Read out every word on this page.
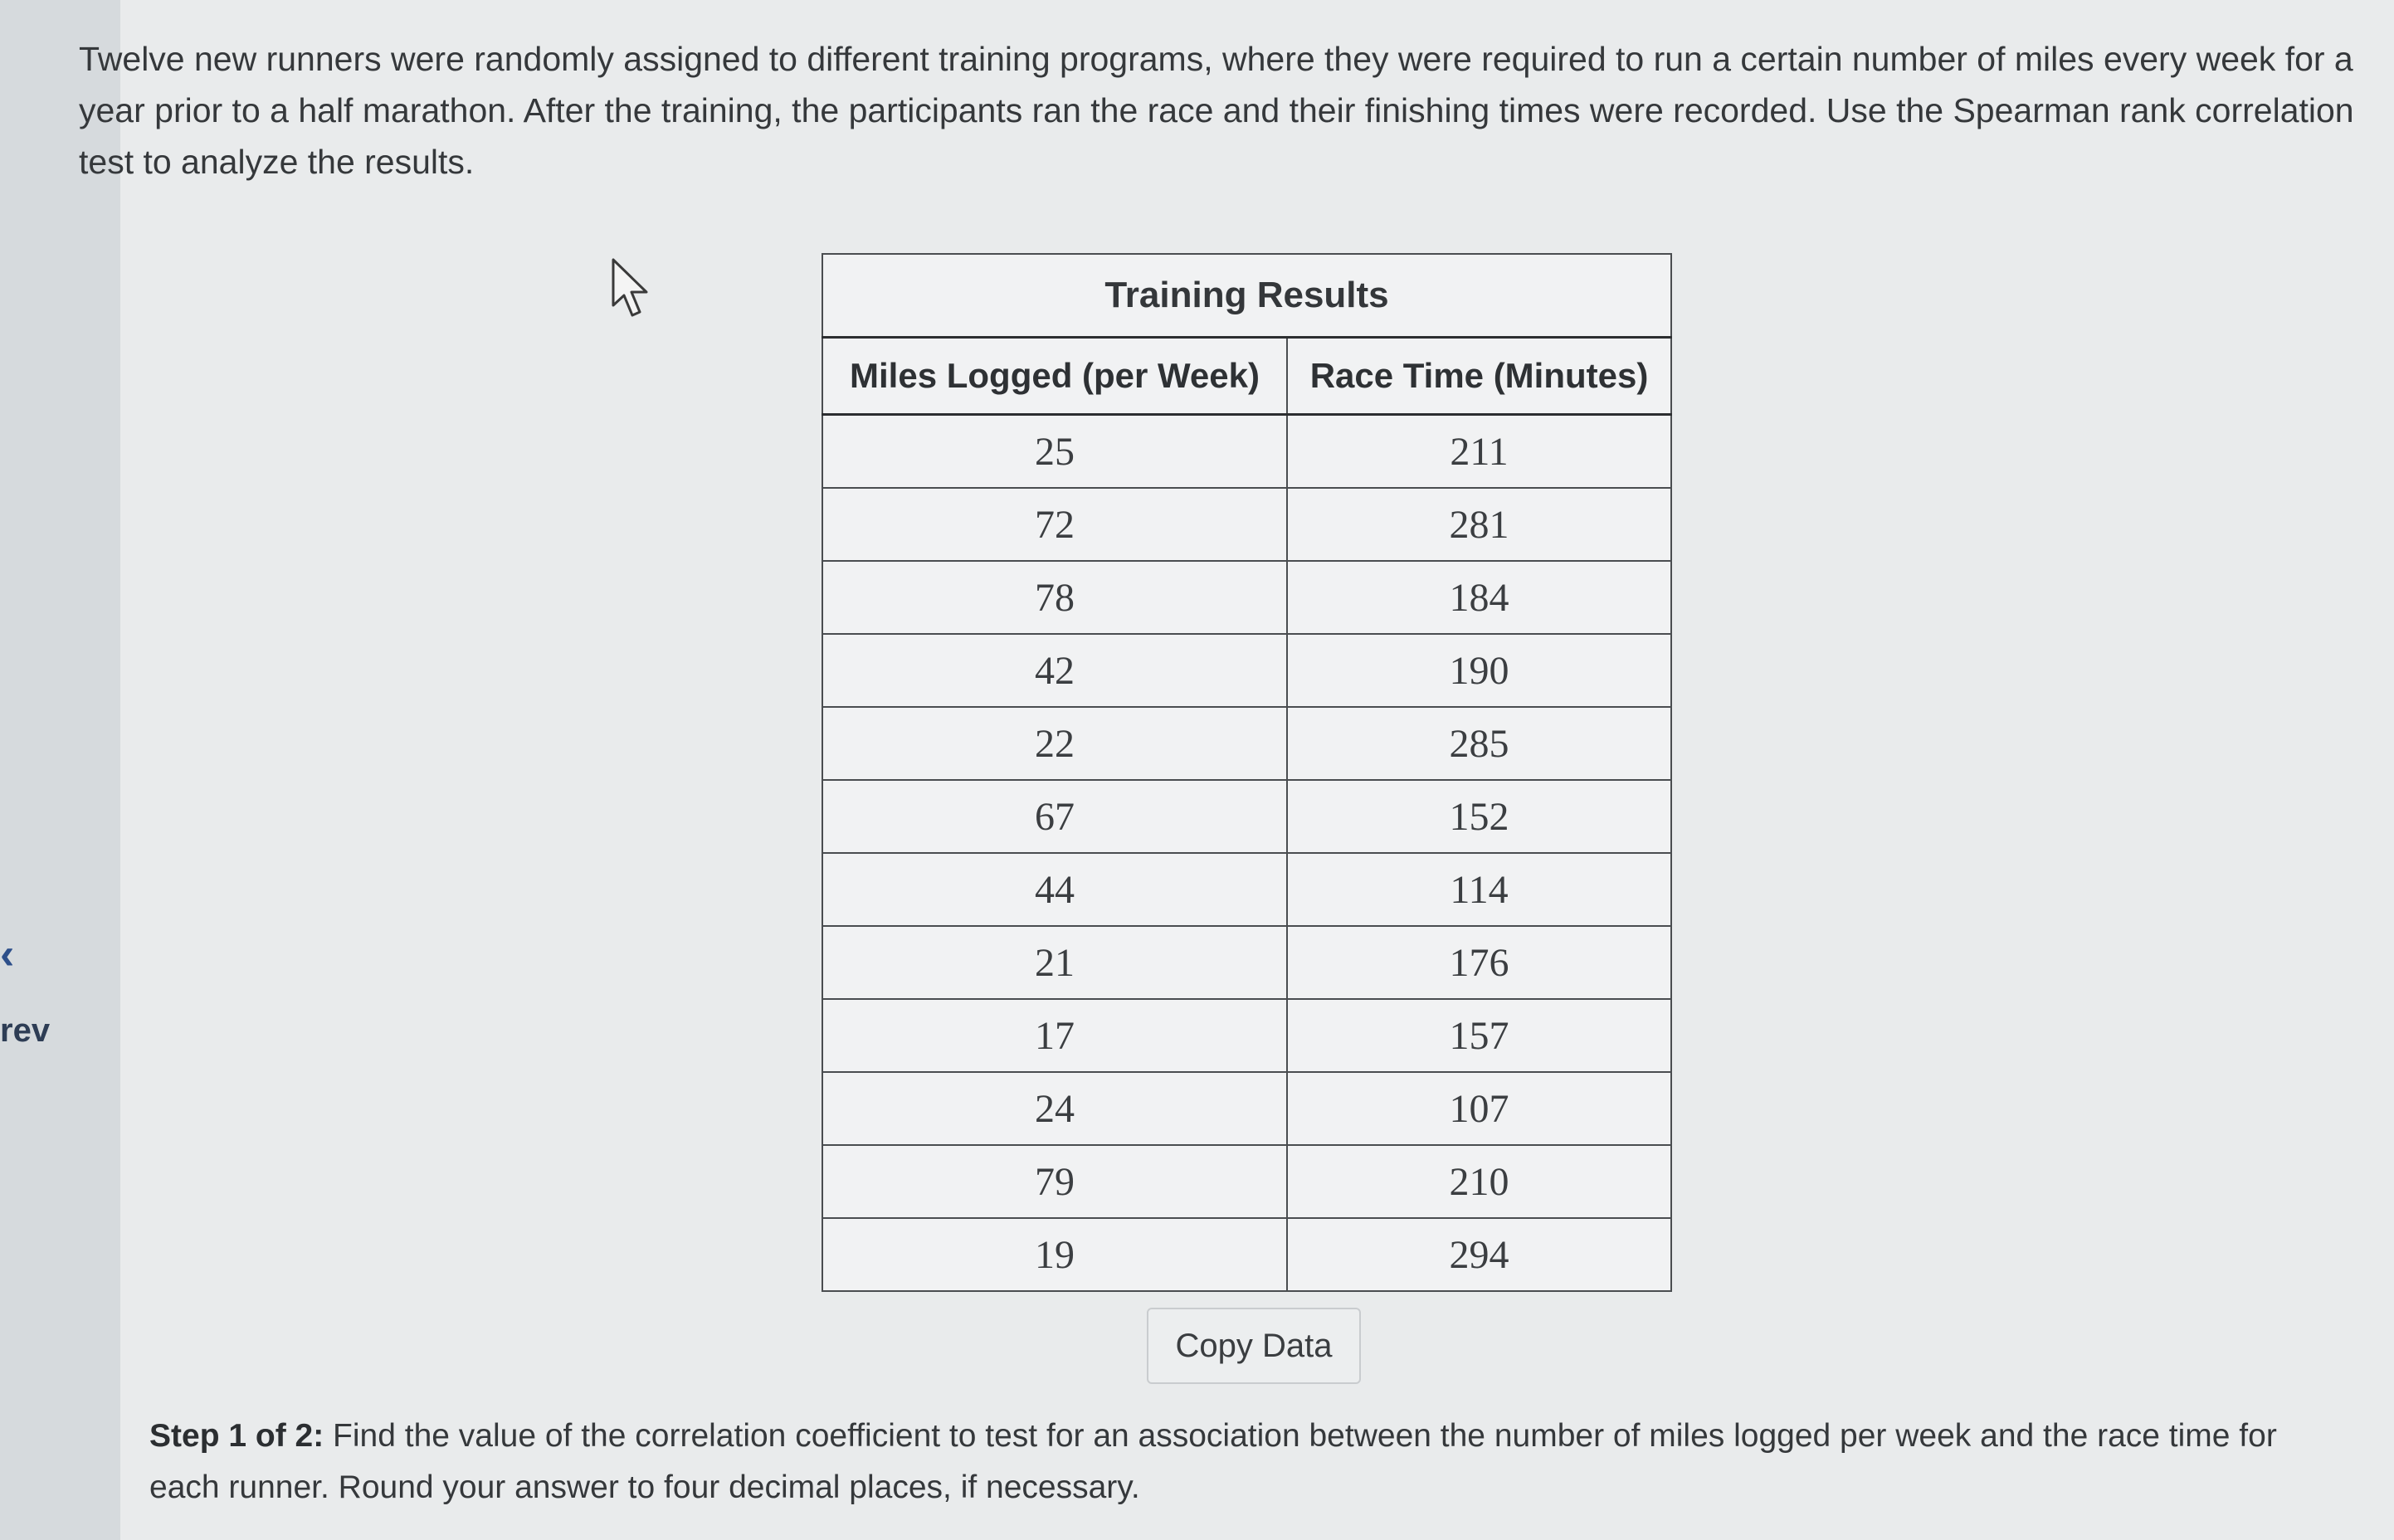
‹
rev
Twelve new runners were randomly assigned to different training programs, where they were required to run a certain number of miles every week for a year prior to a half marathon. After the training, the participants ran the race and their finishing times were recorded. Use the Spearman rank correlation test to analyze the results.
Training Results	
Miles Logged (per Week)	Race Time (Minutes)
25	211
72	281
78	184
42	190
22	285
67	152
44	114
21	176
17	157
24	107
79	210
19	294
Copy Data
Step 1 of 2: Find the value of the correlation coefficient to test for an association between the number of miles logged per week and the race time for each runner. Round your answer to four decimal places, if necessary.
